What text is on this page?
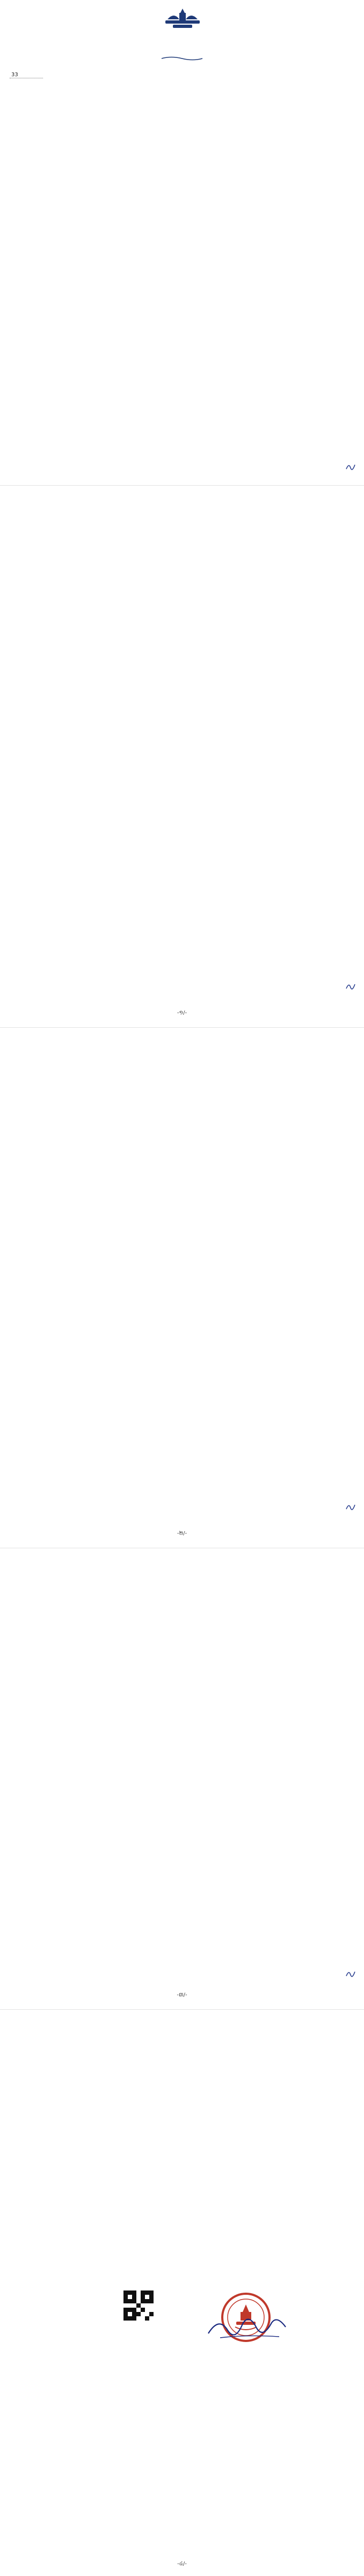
33
-១/-
-២/-
-៣/-
-៤/-
